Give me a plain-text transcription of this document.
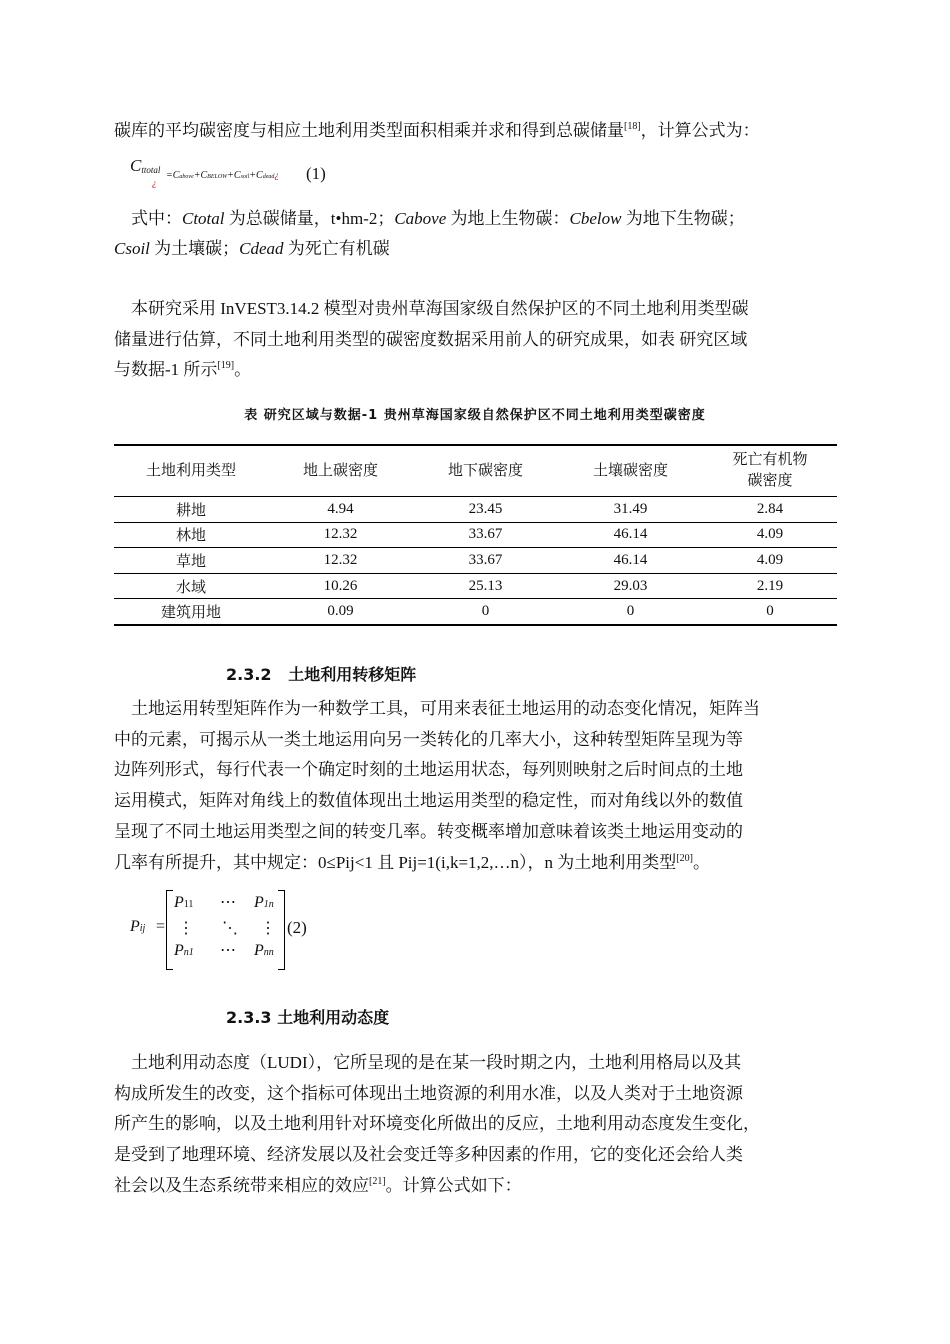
碳库的平均碳密度与相应土地利用类型面积相乘并求和得到总碳储量[18]，计算公式为：
Cttotal
¿
=Cabove+CBELOW+Csoil+Cdead¿ (1)
式中：Ctotal 为总碳储量，t•hm-2；Cabove 为地上生物碳：Cbelow 为地下生物碳；
Csoil 为土壤碳；Cdead 为死亡有机碳
本研究采用 InVEST3.14.2 模型对贵州草海国家级自然保护区的不同土地利用类型碳
储量进行估算，不同土地利用类型的碳密度数据采用前人的研究成果，如表 研究区域
与数据-1 所示[19]。
表 研究区域与数据-1 贵州草海国家级自然保护区不同土地利用类型碳密度
土地利用类型	地上碳密度	地下碳密度	土壤碳密度	死亡有机物
碳密度
耕地	4.94	23.45	31.49	2.84
林地	12.32	33.67	46.14	4.09
草地	12.32	33.67	46.14	4.09
水域	10.26	25.13	29.03	2.19
建筑用地	0.09	0	0	0
2.3.2 土地利用转移矩阵
土地运用转型矩阵作为一种数学工具，可用来表征土地运用的动态变化情况，矩阵当
中的元素，可揭示从一类土地运用向另一类转化的几率大小，这种转型矩阵呈现为等
边阵列形式，每行代表一个确定时刻的土地运用状态，每列则映射之后时间点的土地
运用模式，矩阵对角线上的数值体现出土地运用类型的稳定性，而对角线以外的数值
呈现了不同土地运用类型之间的转变几率。转变概率增加意味着该类土地运用变动的
几率有所提升，其中规定：0≤Pij<1 且 Pij=1(i,k=1,2,…n），n 为土地利用类型[20]。
Pij =
P11 ⋯ P1n
⋮ ⋱ ⋮
Pn1 ⋯ Pnn
(2)
2.3.3 土地利用动态度
土地利用动态度（LUDI），它所呈现的是在某一段时期之内，土地利用格局以及其
构成所发生的改变，这个指标可体现出土地资源的利用水准，以及人类对于土地资源
所产生的影响，以及土地利用针对环境变化所做出的反应，土地利用动态度发生变化，
是受到了地理环境、经济发展以及社会变迁等多种因素的作用，它的变化还会给人类
社会以及生态系统带来相应的效应[21]。计算公式如下：
